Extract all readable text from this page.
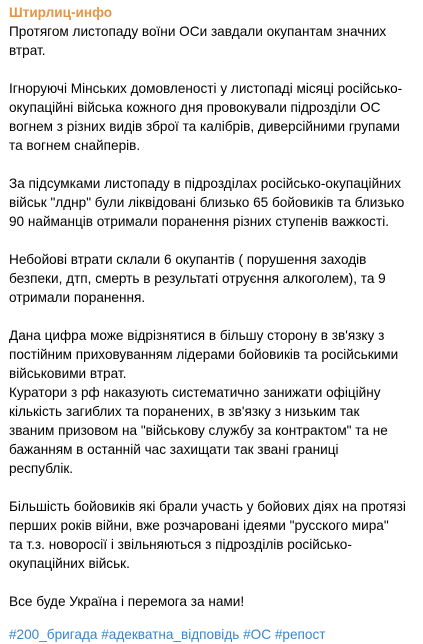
Штирлиц-инфо

Протягом листопаду воїни ОСи завдали окупантам значних
втрат.

Ігноруючі Мінських домовленості у листопаді місяці російсько-
окупаційні війська кожного дня провокували підрозділи ОС
вогнем з різних видів зброї та калібрів, диверсійними групами
та вогнем снайперів.

За підсумками листопаду в підрозділах російсько-окупаційних
військ "лднр" були ліквідовані близько 65 бойовиків та близько
90 найманців отримали поранення різних ступенів важкості.

Небойові втрати склали 6 окупантів ( порушення заходів
безпеки, дтп, смерть в результаті отруєння алкоголем), та 9
отримали поранення.

Дана цифра може відрізнятися в більшу сторону в зв'язку з
постійним приховуванням лідерами бойовиків та російськими
військовими втрат.
Куратори з рф наказують систематично занижати офіційну
кількість загиблих та поранених, в зв'язку з низьким так
званим призовом на "військову службу за контрактом" та не
бажанням в останній час захищати так звані границі
республік.

Більшість бойовиків які брали участь у бойових діях на протязі
перших років війни, вже розчаровані ідеями "русского мира"
та т.з. новоросії і звільняються з підрозділів російсько-
окупаційних військ.

Все буде Україна і перемога за нами!

#200_бригада #адекватна_відповідь #ОС #репост
